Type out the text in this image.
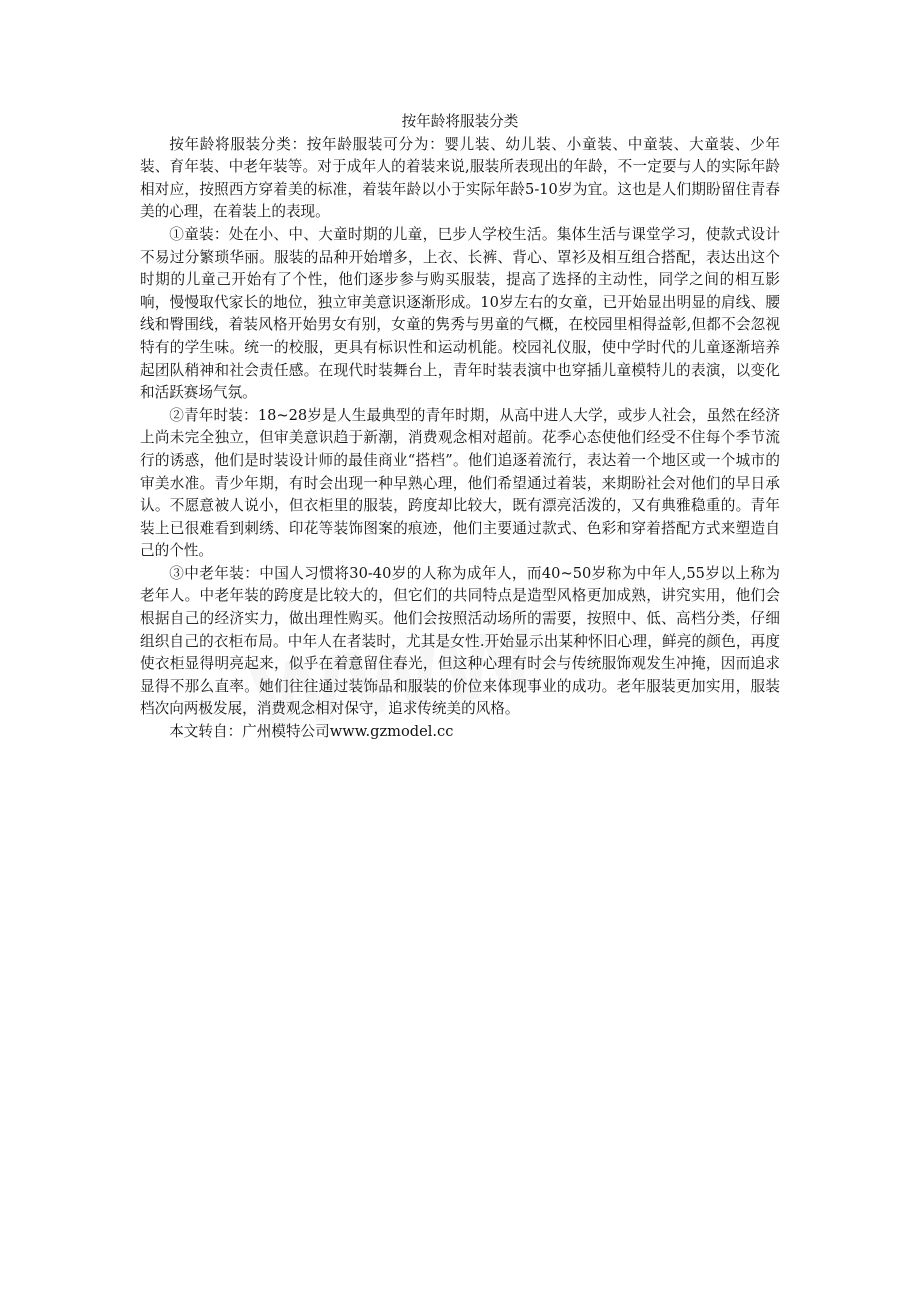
按年龄将服装分类

按年龄将服装分类：按年龄服装可分为：婴儿装、幼儿装、小童装、中童装、大童装、少年装、育年装、中老年装等。对于成年人的着装来说,服装所表现出的年龄，不一定要与人的实际年龄相对应，按照西方穿着美的标准，着装年龄以小于实际年龄5-10岁为宜。这也是人们期盼留住青春美的心理，在着装上的表现。

①童装：处在小、中、大童时期的儿童，巳步人学校生活。集体生活与课堂学习，使款式设计不易过分繁琐华丽。服装的品种开始增多，上衣、长裤、背心、罩衫及相互组合搭配，表达出这个时期的儿童己开始有了个性，他们逐步参与购买服装，提高了选择的主动性，同学之间的相互影响，慢慢取代家长的地位，独立审美意识逐渐形成。10岁左右的女童，已开始显出明显的肩线、腰线和臀围线，着装风格开始男女有别，女童的隽秀与男童的气概，在校园里相得益彰,但都不会忽视特有的学生味。统一的校服，更具有标识性和运动机能。校园礼仪服，使中学时代的儿童逐渐培养起团队稍神和社会责任感。在现代时装舞台上，青年时装表演中也穿插儿童模特儿的表演，以变化和活跃赛场气氛。

②青年时装：18~28岁是人生最典型的青年时期，从高中进人大学，或步人社会，虽然在经济上尚未完全独立，但审美意识趋于新潮，消费观念相对超前。花季心态使他们经受不住每个季节流行的诱惑，他们是时装设计师的最佳商业“搭档”。他们追逐着流行，表达着一个地区或一个城市的审美水准。青少年期，有时会出现一种早熟心理，他们希望通过着装，来期盼社会对他们的早日承认。不愿意被人说小，但衣柜里的服装，跨度却比较大，既有漂亮活泼的，又有典雅稳重的。青年装上已很难看到刺绣、印花等装饰图案的痕迹，他们主要通过款式、色彩和穿着搭配方式来塑造自己的个性。

③中老年装：中国人习惯将30-40岁的人称为成年人，而40~50岁称为中年人,55岁以上称为老年人。中老年装的跨度是比较大的，但它们的共同特点是造型风格更加成熟，讲究实用，他们会根据自己的经济实力，做出理性购买。他们会按照活动场所的需要，按照中、低、高档分类，仔细组织自己的衣柜布局。中年人在者装时，尤其是女性.开始显示出某种怀旧心理，鲜亮的颜色，再度使衣柜显得明亮起来，似乎在着意留住春光，但这种心理有时会与传统服饰观发生冲掩，因而追求显得不那么直率。她们往往通过装饰品和服装的价位来体现事业的成功。老年服装更加实用，服装档次向两极发展，消费观念相对保守，追求传统美的风格。

本文转自：广州模特公司www.gzmodel.cc
